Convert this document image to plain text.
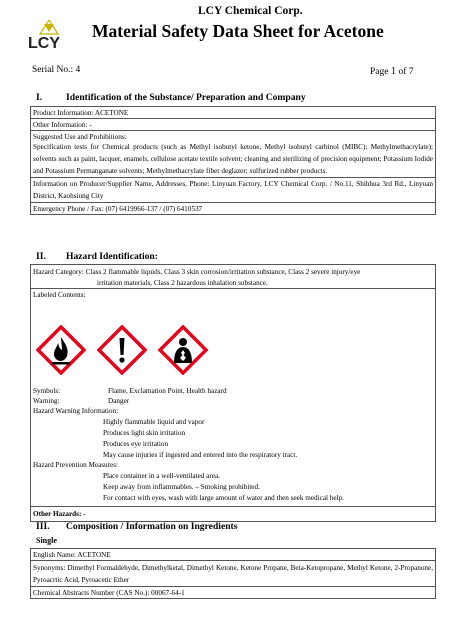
LCY
LCY Chemical Corp.
Material Safety Data Sheet for Acetone
Serial No.: 4	Page 1 of 7
I. Identification of the Substance/ Preparation and Company
Product Information: ACETONE
Other Information: -

Suggested Use and Prohibitions:
Specification tests for Chemical products (such as Methyl isobutyl ketone, Methyl isobutyl carbinol (MIBC); Methylmethacrylate); solvents such as paint, lacquer, enamels, cellulose acetate textile solvent; cleaning and sterilizing of precision equipment; Potassium Iodide and Potassium Permanganate solvents; Methylmethacrylate fiber deglazer; sulfurized rubber products.

Information on Producer/Supplier Name, Addresses, Phone: Linyuan Factory, LCY Chemical Corp. / No.11, Shihhua 3rd Rd., Linyuan District, Kaohsiung City
Emergency Phone / Fax: (07) 6419966-137 / (07) 6410537
II. Hazard Identification:
Hazard Category: Class 2 flammable liquids, Class 3 skin corrosion/irritation substance, Class 2 severe injury/eye
irritation materials, Class 2 hazardous inhalation substance.
Labeled Contents:
Symbols:	Flame, Exclamation Point, Health hazard
Warning:	Danger
Hazard Warning Information:
Highly flammable liquid and vapor
Produces light skin irritation
Produces eye irritation
May cause injuries if ingested and entered into the respiratory tract.
Hazard Prevention Measures:
Place container in a well-ventilated area.
Keep away from inflammables. – Smoking prohibited.
For contact with eyes, wash with large amount of water and then seek medical help.
Other Hazards: -
III. Composition / Information on Ingredients
Single
English Name: ACETONE
Synonyms: Dimethyl Formaldehyde, Dimethylketal, Dimethyl Ketone, Ketone Propane, Beta-Ketopropane, Methyl Ketone, 2-Propanone, Pyroacrtic Acid, Pyroacetic Ether
Chemical Abstracts Number (CAS No.): 00067-64-1
